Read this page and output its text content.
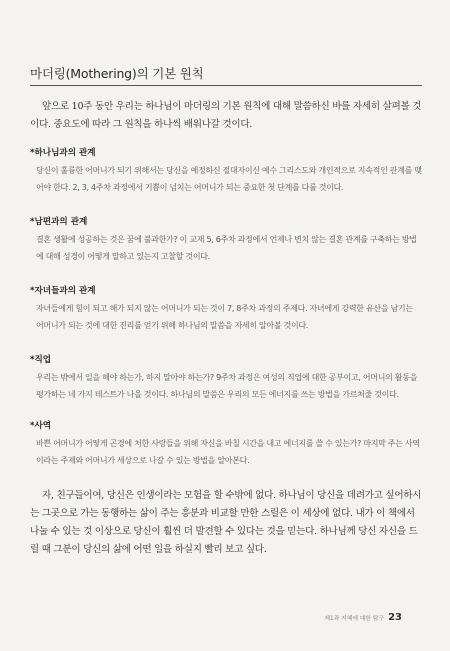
마더링(Mothering)의 기본 원칙
앞으로 10주 동안 우리는 하나님이 마더링의 기본 원칙에 대해 말씀하신 바를 자세히 살펴볼 것이다. 중요도에 따라 그 원칙을 하나씩 배워나갈 것이다.
*하나님과의 관계
당신이 훌륭한 어머니가 되기 위해서는 당신을 예정하신 절대자이신 예수 그리스도와 개인적으로 지속적인 관계를 맺어야 한다. 2, 3, 4주차 과정에서 기쁨이 넘치는 어머니가 되는 중요한 첫 단계를 다룰 것이다.
*남편과의 관계
결혼 생활에 성공하는 것은 꿈에 불과한가? 이 교재 5, 6주차 과정에서 언제나 변치 않는 결혼 관계를 구축하는 방법에 대해 성경이 어떻게 말하고 있는지 고찰할 것이다.
*자녀들과의 관계
자녀들에게 힘이 되고 해가 되지 않는 어머니가 되는 것이 7, 8주차 과정의 주제다. 자녀에게 강력한 유산을 남기는 어머니가 되는 것에 대한 진리를 얻기 위해 하나님의 말씀을 자세히 알아볼 것이다.
*직업
우리는 밖에서 일을 해야 하는가, 하지 말아야 하는가? 9주차 과정은 여성의 직업에 대한 공부이고, 어머니의 활동을 평가하는 네 가지 테스트가 나올 것이다. 하나님의 말씀은 우리의 모든 에너지를 쓰는 방법을 가르쳐줄 것이다.
*사역
바쁜 어머니가 어떻게 곤경에 처한 사람들을 위해 자신을 바칠 시간을 내고 에너지를 쓸 수 있는가? 마지막 주는 사역이라는 주제와 어머니가 세상으로 나갈 수 있는 방법을 알아본다.
자, 친구들이여, 당신은 인생이라는 모험을 할 수밖에 없다. 하나님이 당신을 데려가고 싶어하시는 그곳으로 가는 동행하는 삶이 주는 흥분과 비교할 만한 스릴은 이 세상에 없다. 내가 이 책에서 나눌 수 있는 것 이상으로 당신이 훨씬 더 발견할 수 있다는 것을 믿는다. 하나님께 당신 자신을 드릴 때 그분이 당신의 삶에 어떤 일을 하실지 빨리 보고 싶다.
제1과 지혜에 대한 탐구 23
